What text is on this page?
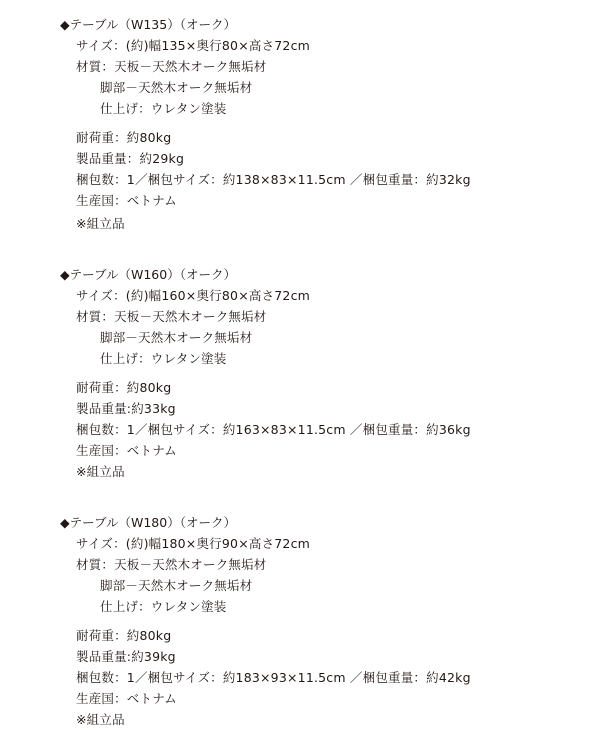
◆テーブル（W135）（オーク）
サイズ：(約)幅135×奥行80×高さ72cm
材質：天板－天然木オーク無垢材
脚部－天然木オーク無垢材
仕上げ：ウレタン塗装
耐荷重：約80kg
製品重量：約29kg
梱包数：1／梱包サイズ：約138×83×11.5cm ／梱包重量：約32kg
生産国：ベトナム
※組立品
◆テーブル（W160）（オーク）
サイズ：(約)幅160×奥行80×高さ72cm
材質：天板－天然木オーク無垢材
脚部－天然木オーク無垢材
仕上げ：ウレタン塗装
耐荷重：約80kg
製品重量:約33kg
梱包数：1／梱包サイズ：約163×83×11.5cm ／梱包重量：約36kg
生産国：ベトナム
※組立品
◆テーブル（W180）（オーク）
サイズ：(約)幅180×奥行90×高さ72cm
材質：天板－天然木オーク無垢材
脚部－天然木オーク無垢材
仕上げ：ウレタン塗装
耐荷重：約80kg
製品重量:約39kg
梱包数：1／梱包サイズ：約183×93×11.5cm ／梱包重量：約42kg
生産国：ベトナム
※組立品
